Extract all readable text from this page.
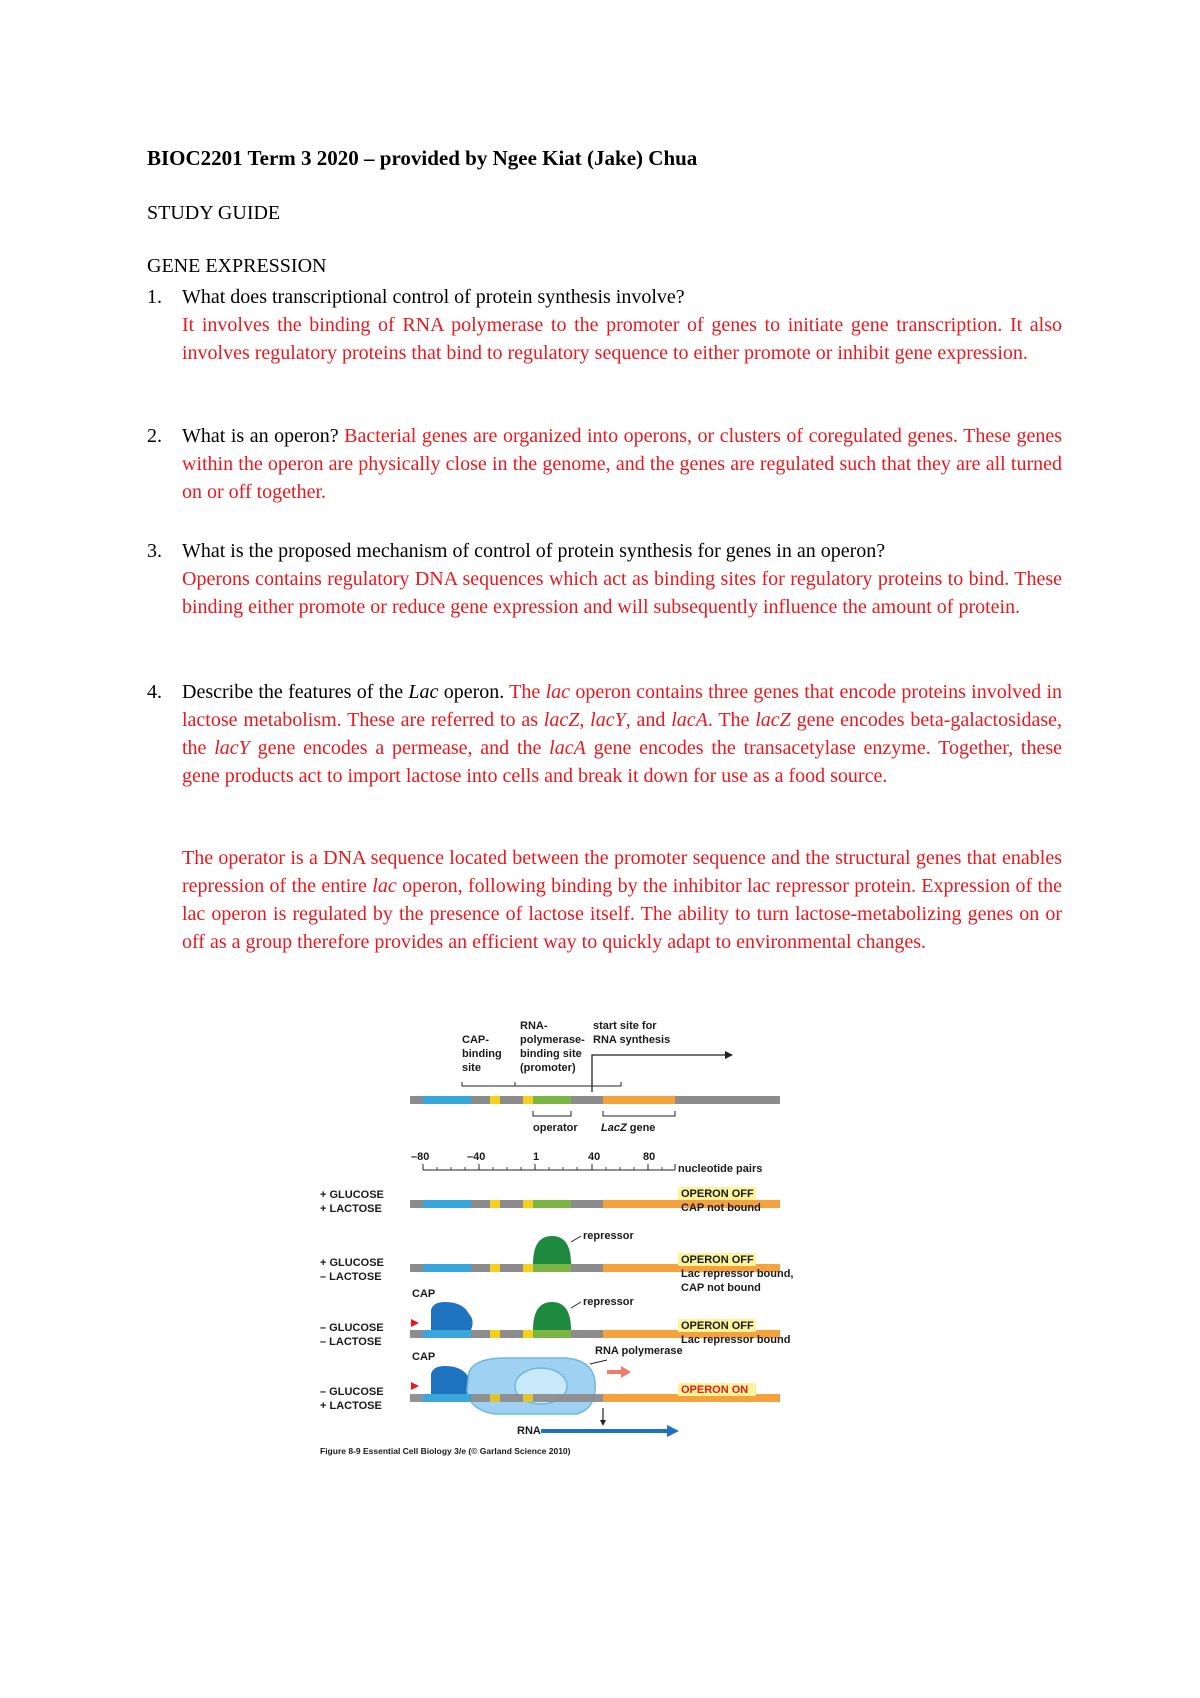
BIOC2201 Term 3 2020 – provided by Ngee Kiat (Jake) Chua
STUDY GUIDE
GENE EXPRESSION
1. What does transcriptional control of protein synthesis involve?
It involves the binding of RNA polymerase to the promoter of genes to initiate gene transcription. It also involves regulatory proteins that bind to regulatory sequence to either promote or inhibit gene expression.
2. What is an operon? Bacterial genes are organized into operons, or clusters of coregulated genes. These genes within the operon are physically close in the genome, and the genes are regulated such that they are all turned on or off together.
3. What is the proposed mechanism of control of protein synthesis for genes in an operon?
Operons contains regulatory DNA sequences which act as binding sites for regulatory proteins to bind. These binding either promote or reduce gene expression and will subsequently influence the amount of protein.
4. Describe the features of the Lac operon. The lac operon contains three genes that encode proteins involved in lactose metabolism. These are referred to as lacZ, lacY, and lacA. The lacZ gene encodes beta-galactosidase, the lacY gene encodes a permease, and the lacA gene encodes the transacetylase enzyme. Together, these gene products act to import lactose into cells and break it down for use as a food source.
The operator is a DNA sequence located between the promoter sequence and the structural genes that enables repression of the entire lac operon, following binding by the inhibitor lac repressor protein. Expression of the lac operon is regulated by the presence of lactose itself. The ability to turn lactose-metabolizing genes on or off as a group therefore provides an efficient way to quickly adapt to environmental changes.
CAP-
binding
site
RNA-
polymerase-
binding site
(promoter)
start site for
RNA synthesis
operator LacZ gene
–80	–40	1	40	80
nucleotide pairs
+ GLUCOSE
+ LACTOSE
OPERON OFF
CAP not bound
repressor
+ GLUCOSE
– LACTOSE
OPERON OFF
Lac repressor bound,
CAP not bound
CAP
repressor
– GLUCOSE
– LACTOSE
OPERON OFF
Lac repressor bound
CAP	RNA polymerase
– GLUCOSE
+ LACTOSE
OPERON ON
RNA
Figure 8-9 Essential Cell Biology 3/e (© Garland Science 2010)
